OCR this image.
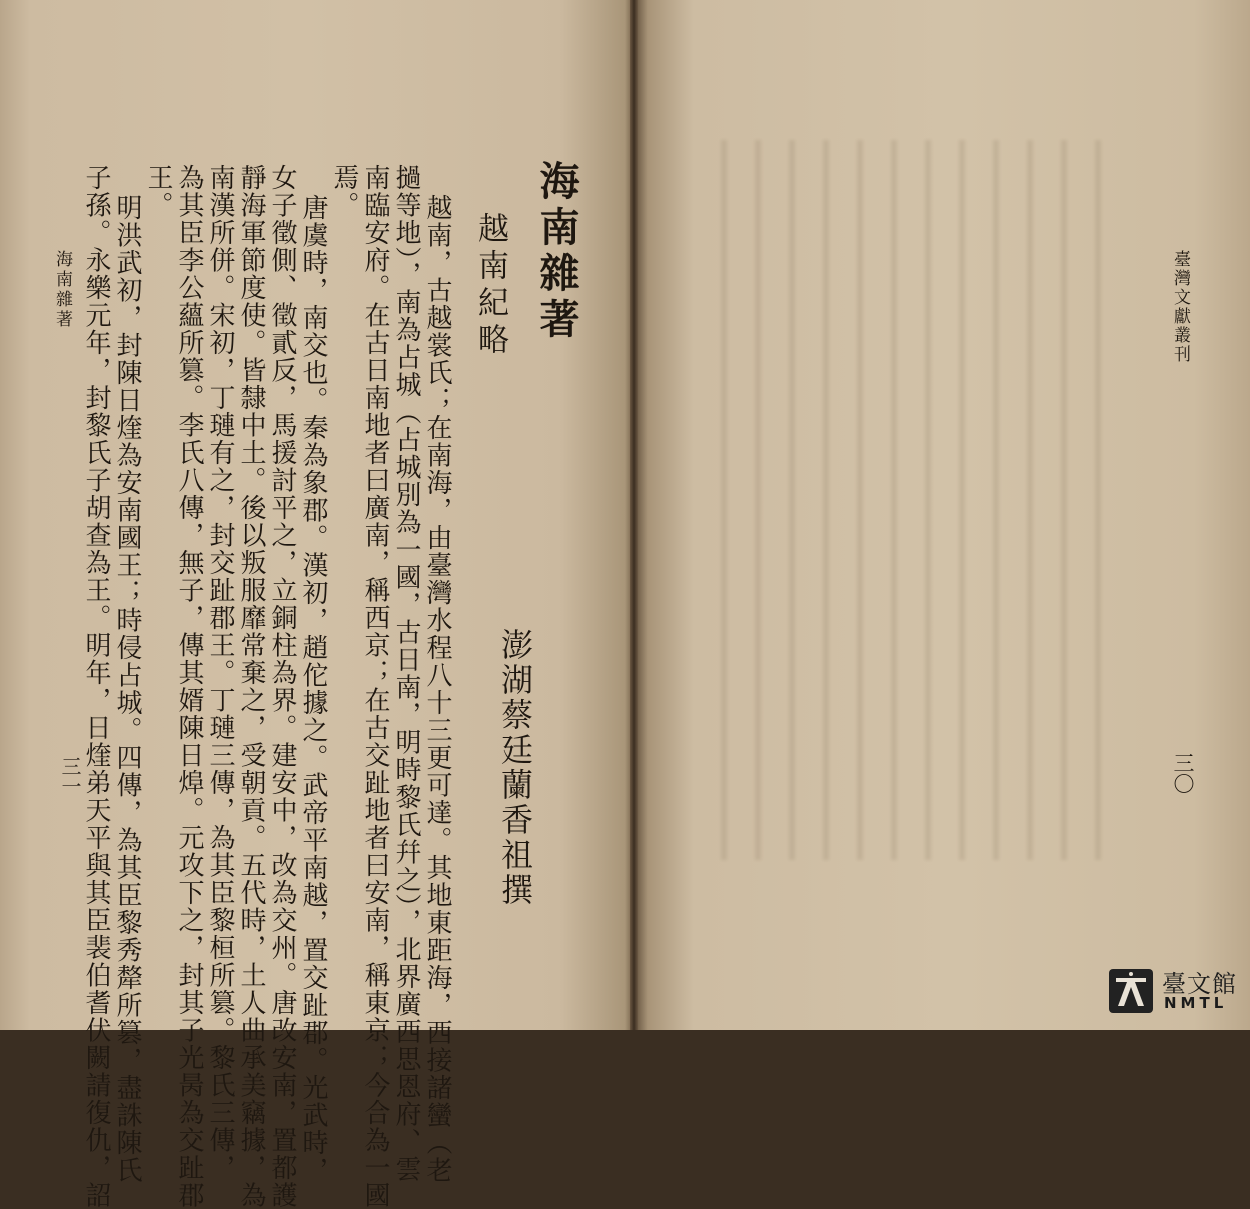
海南雜著
越南紀略
澎湖蔡廷蘭香祖撰
越南，古越裳氏；在南海，由臺灣水程八十三更可達。其地東距海，西接諸蠻（老
撾等地），南為占城（占城別為一國，古日南，明時黎氏幷之），北界廣西思恩府、雲
南臨安府。在古日南地者曰廣南，稱西京；在古交趾地者曰安南，稱東京；今合為一國
焉。
唐虞時，南交也。秦為象郡。漢初，趙佗據之。武帝平南越，置交趾郡。光武時，
女子徵側、徵貳反，馬援討平之，立銅柱為界。建安中，改為交州。唐改安南，置都護
靜海軍節度使。皆隸中土。後以叛服靡常棄之，受朝貢。五代時，土人曲承美竊據，為
南漢所併。宋初，丁璉有之，封交趾郡王。丁璉三傳，為其臣黎桓所篡。黎氏三傳，
為其臣李公蘊所篡。李氏八傳，無子，傳其婿陳日㷆。元攻下之，封其子光昺為交趾郡
王。
明洪武初，封陳日煃為安南國王；時侵占城。四傳，為其臣黎秀犛所篡，盡誅陳氏
子孫。永樂元年，封黎氏子胡查為王。明年，日煃弟天平與其臣裴伯耆伏闕請復仇，詔
海南雜著
三一
臺灣文獻叢刊
三〇
臺文館
NMTL
